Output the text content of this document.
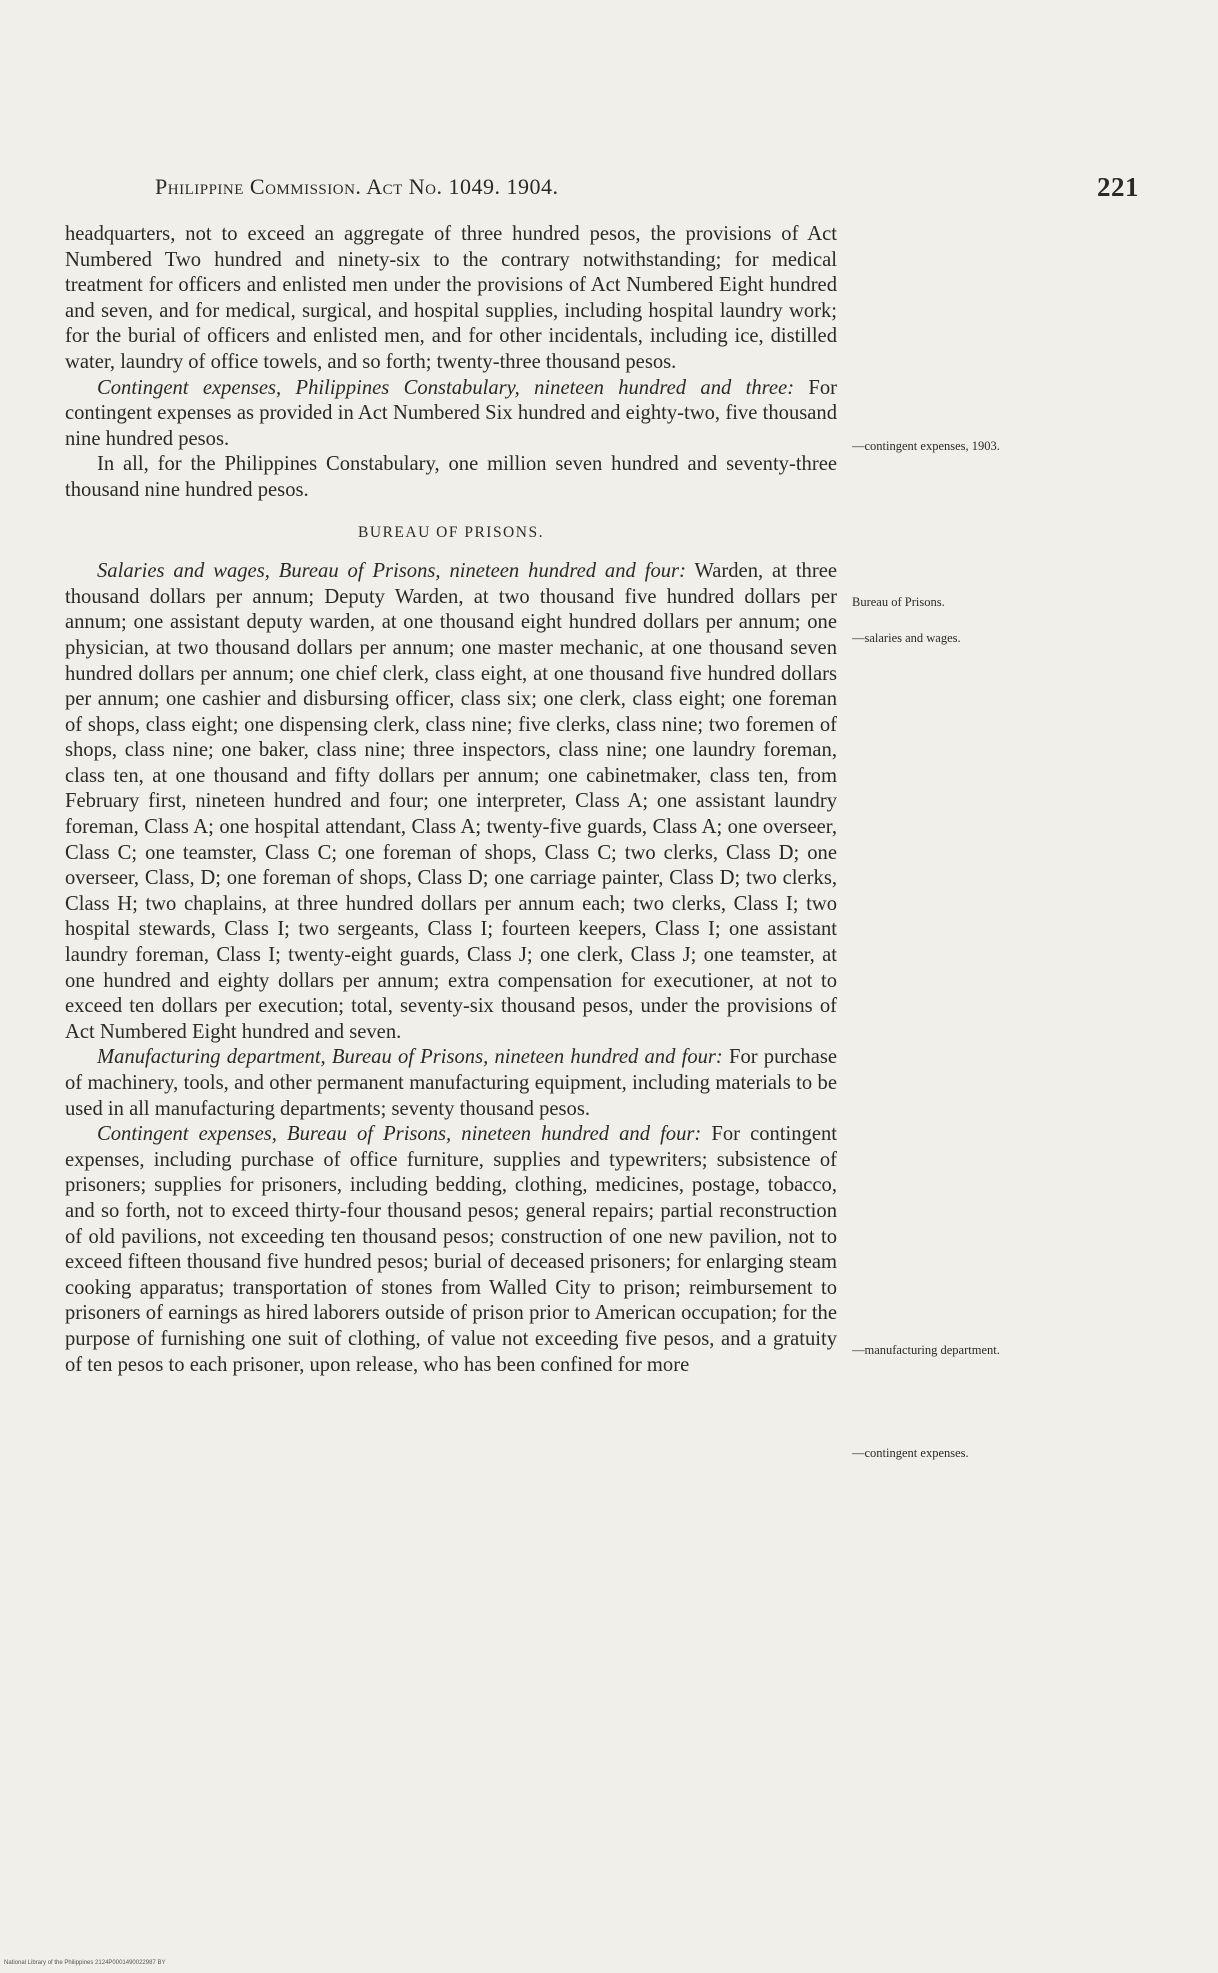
Philippine Commission. Act No. 1049. 1904.	221

headquarters, not to exceed an aggregate of three hundred pesos, the provisions of Act Numbered Two hundred and ninety-six to the contrary notwithstanding; for medical treatment for officers and enlisted men under the provisions of Act Numbered Eight hundred and seven, and for medical, surgical, and hospital supplies, including hospital laundry work; for the burial of officers and enlisted men, and for other incidentals, including ice, distilled water, laundry of office towels, and so forth; twenty-three thousand pesos.

Contingent expenses, Philippines Constabulary, nineteen hundred and three: For contingent expenses as provided in Act Numbered Six hundred and eighty-two, five thousand nine hundred pesos.

In all, for the Philippines Constabulary, one million seven hundred and seventy-three thousand nine hundred pesos.

BUREAU OF PRISONS.

Salaries and wages, Bureau of Prisons, nineteen hundred and four: Warden, at three thousand dollars per annum; Deputy Warden, at two thousand five hundred dollars per annum; one assistant deputy warden, at one thousand eight hundred dollars per annum; one physician, at two thousand dollars per annum; one master mechanic, at one thousand seven hundred dollars per annum; one chief clerk, class eight, at one thousand five hundred dollars per annum; one cashier and disbursing officer, class six; one clerk, class eight; one foreman of shops, class eight; one dispensing clerk, class nine; five clerks, class nine; two foremen of shops, class nine; one baker, class nine; three inspectors, class nine; one laundry foreman, class ten, at one thousand and fifty dollars per annum; one cabinetmaker, class ten, from February first, nineteen hundred and four; one interpreter, Class A; one assistant laundry foreman, Class A; one hospital attendant, Class A; twenty-five guards, Class A; one overseer, Class C; one teamster, Class C; one foreman of shops, Class C; two clerks, Class D; one overseer, Class, D; one foreman of shops, Class D; one carriage painter, Class D; two clerks, Class H; two chaplains, at three hundred dollars per annum each; two clerks, Class I; two hospital stewards, Class I; two sergeants, Class I; fourteen keepers, Class I; one assistant laundry foreman, Class I; twenty-eight guards, Class J; one clerk, Class J; one teamster, at one hundred and eighty dollars per annum; extra compensation for executioner, at not to exceed ten dollars per execution; total, seventy-six thousand pesos, under the provisions of Act Numbered Eight hundred and seven.

Manufacturing department, Bureau of Prisons, nineteen hundred and four: For purchase of machinery, tools, and other permanent manufacturing equipment, including materials to be used in all manufacturing departments; seventy thousand pesos.

Contingent expenses, Bureau of Prisons, nineteen hundred and four: For contingent expenses, including purchase of office furniture, supplies and typewriters; subsistence of prisoners; supplies for prisoners, including bedding, clothing, medicines, postage, tobacco, and so forth, not to exceed thirty-four thousand pesos; general repairs; partial reconstruction of old pavilions, not exceeding ten thousand pesos; construction of one new pavilion, not to exceed fifteen thousand five hundred pesos; burial of deceased prisoners; for enlarging steam cooking apparatus; transportation of stones from Walled City to prison; reimbursement to prisoners of earnings as hired laborers outside of prison prior to American occupation; for the purpose of furnishing one suit of clothing, of value not exceeding five pesos, and a gratuity of ten pesos to each prisoner, upon release, who has been confined for more

—contingent expenses, 1903.
Bureau of Prisons.
—salaries and wages.
—manufacturing department.
—contingent expenses.
National Library of the Philippines ⁠2124P0001490022987 ⁠BY
